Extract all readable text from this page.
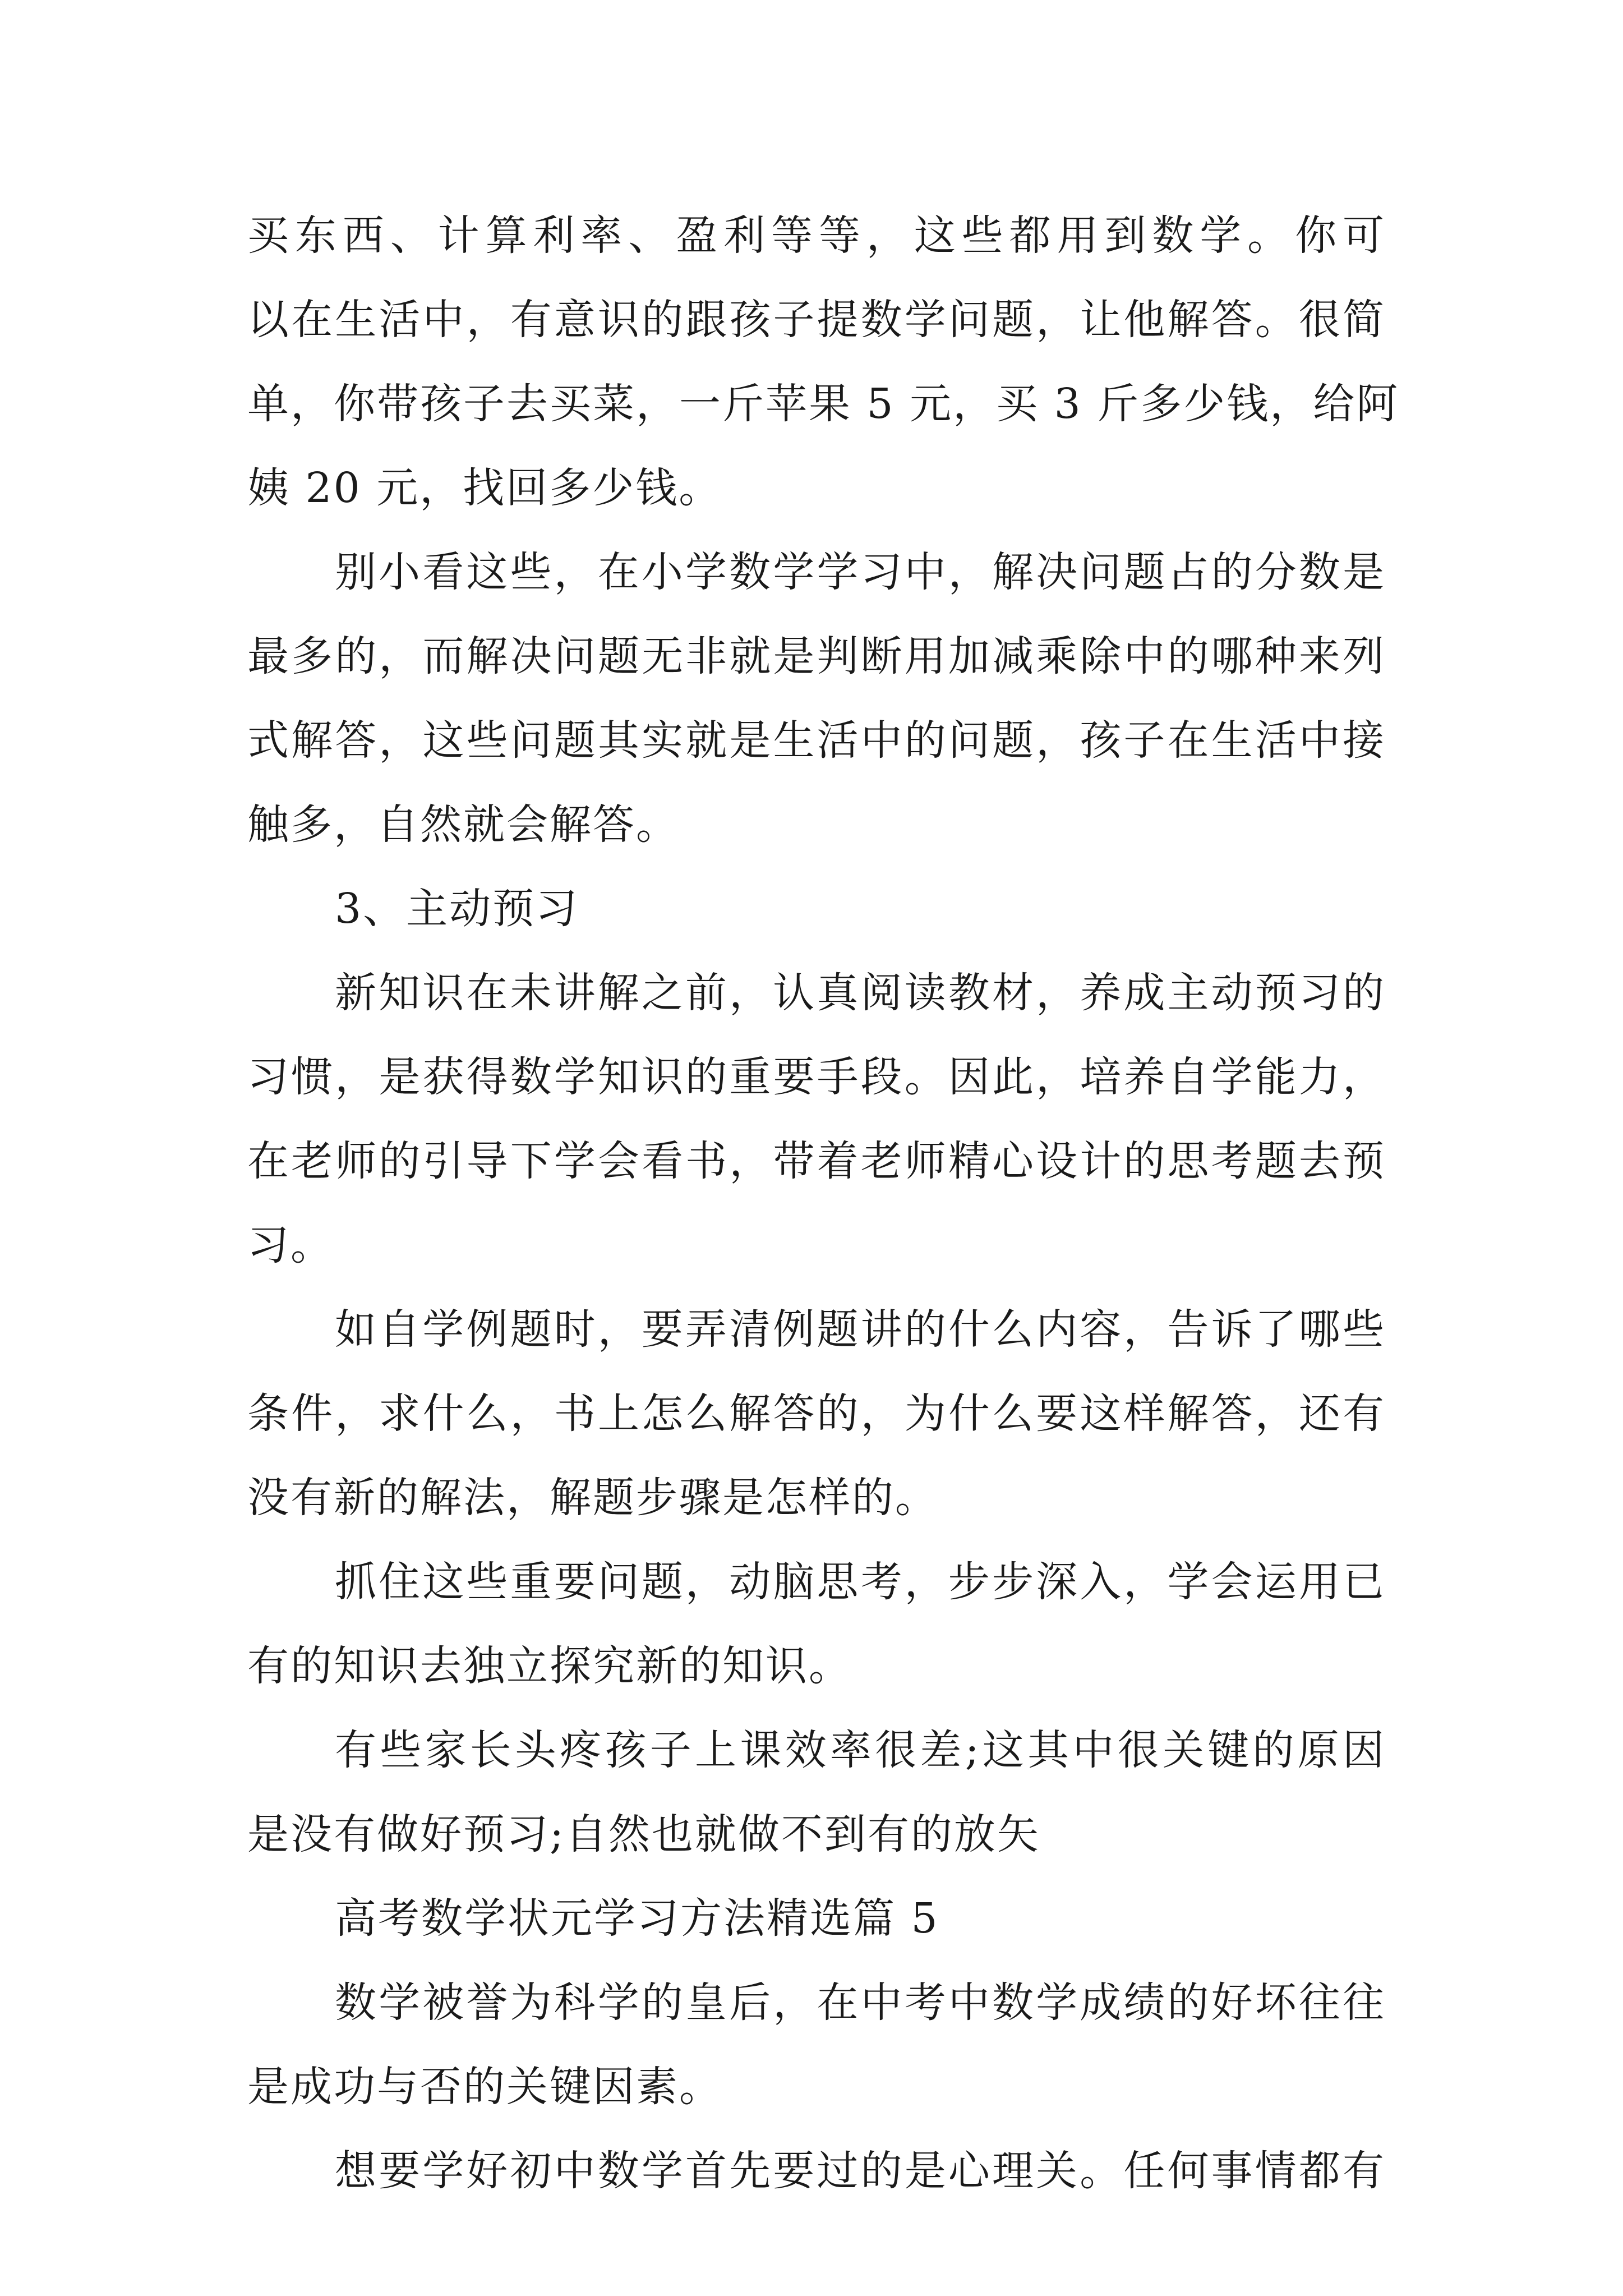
买东西、计算利率、盈利等等，这些都用到数学。你可
以在生活中，有意识的跟孩子提数学问题，让他解答。很简
单，你带孩子去买菜，一斤苹果 5 元，买 3 斤多少钱，给阿
姨 20 元，找回多少钱。
别小看这些，在小学数学学习中，解决问题占的分数是
最多的，而解决问题无非就是判断用加减乘除中的哪种来列
式解答，这些问题其实就是生活中的问题，孩子在生活中接
触多，自然就会解答。
3、主动预习
新知识在未讲解之前，认真阅读教材，养成主动预习的
习惯，是获得数学知识的重要手段。因此，培养自学能力，
在老师的引导下学会看书，带着老师精心设计的思考题去预
习。
如自学例题时，要弄清例题讲的什么内容，告诉了哪些
条件，求什么，书上怎么解答的，为什么要这样解答，还有
没有新的解法，解题步骤是怎样的。
抓住这些重要问题，动脑思考，步步深入，学会运用已
有的知识去独立探究新的知识。
有些家长头疼孩子上课效率很差;这其中很关键的原因
是没有做好预习;自然也就做不到有的放矢
高考数学状元学习方法精选篇 5
数学被誉为科学的皇后，在中考中数学成绩的好坏往往
是成功与否的关键因素。
想要学好初中数学首先要过的是心理关。任何事情都有
